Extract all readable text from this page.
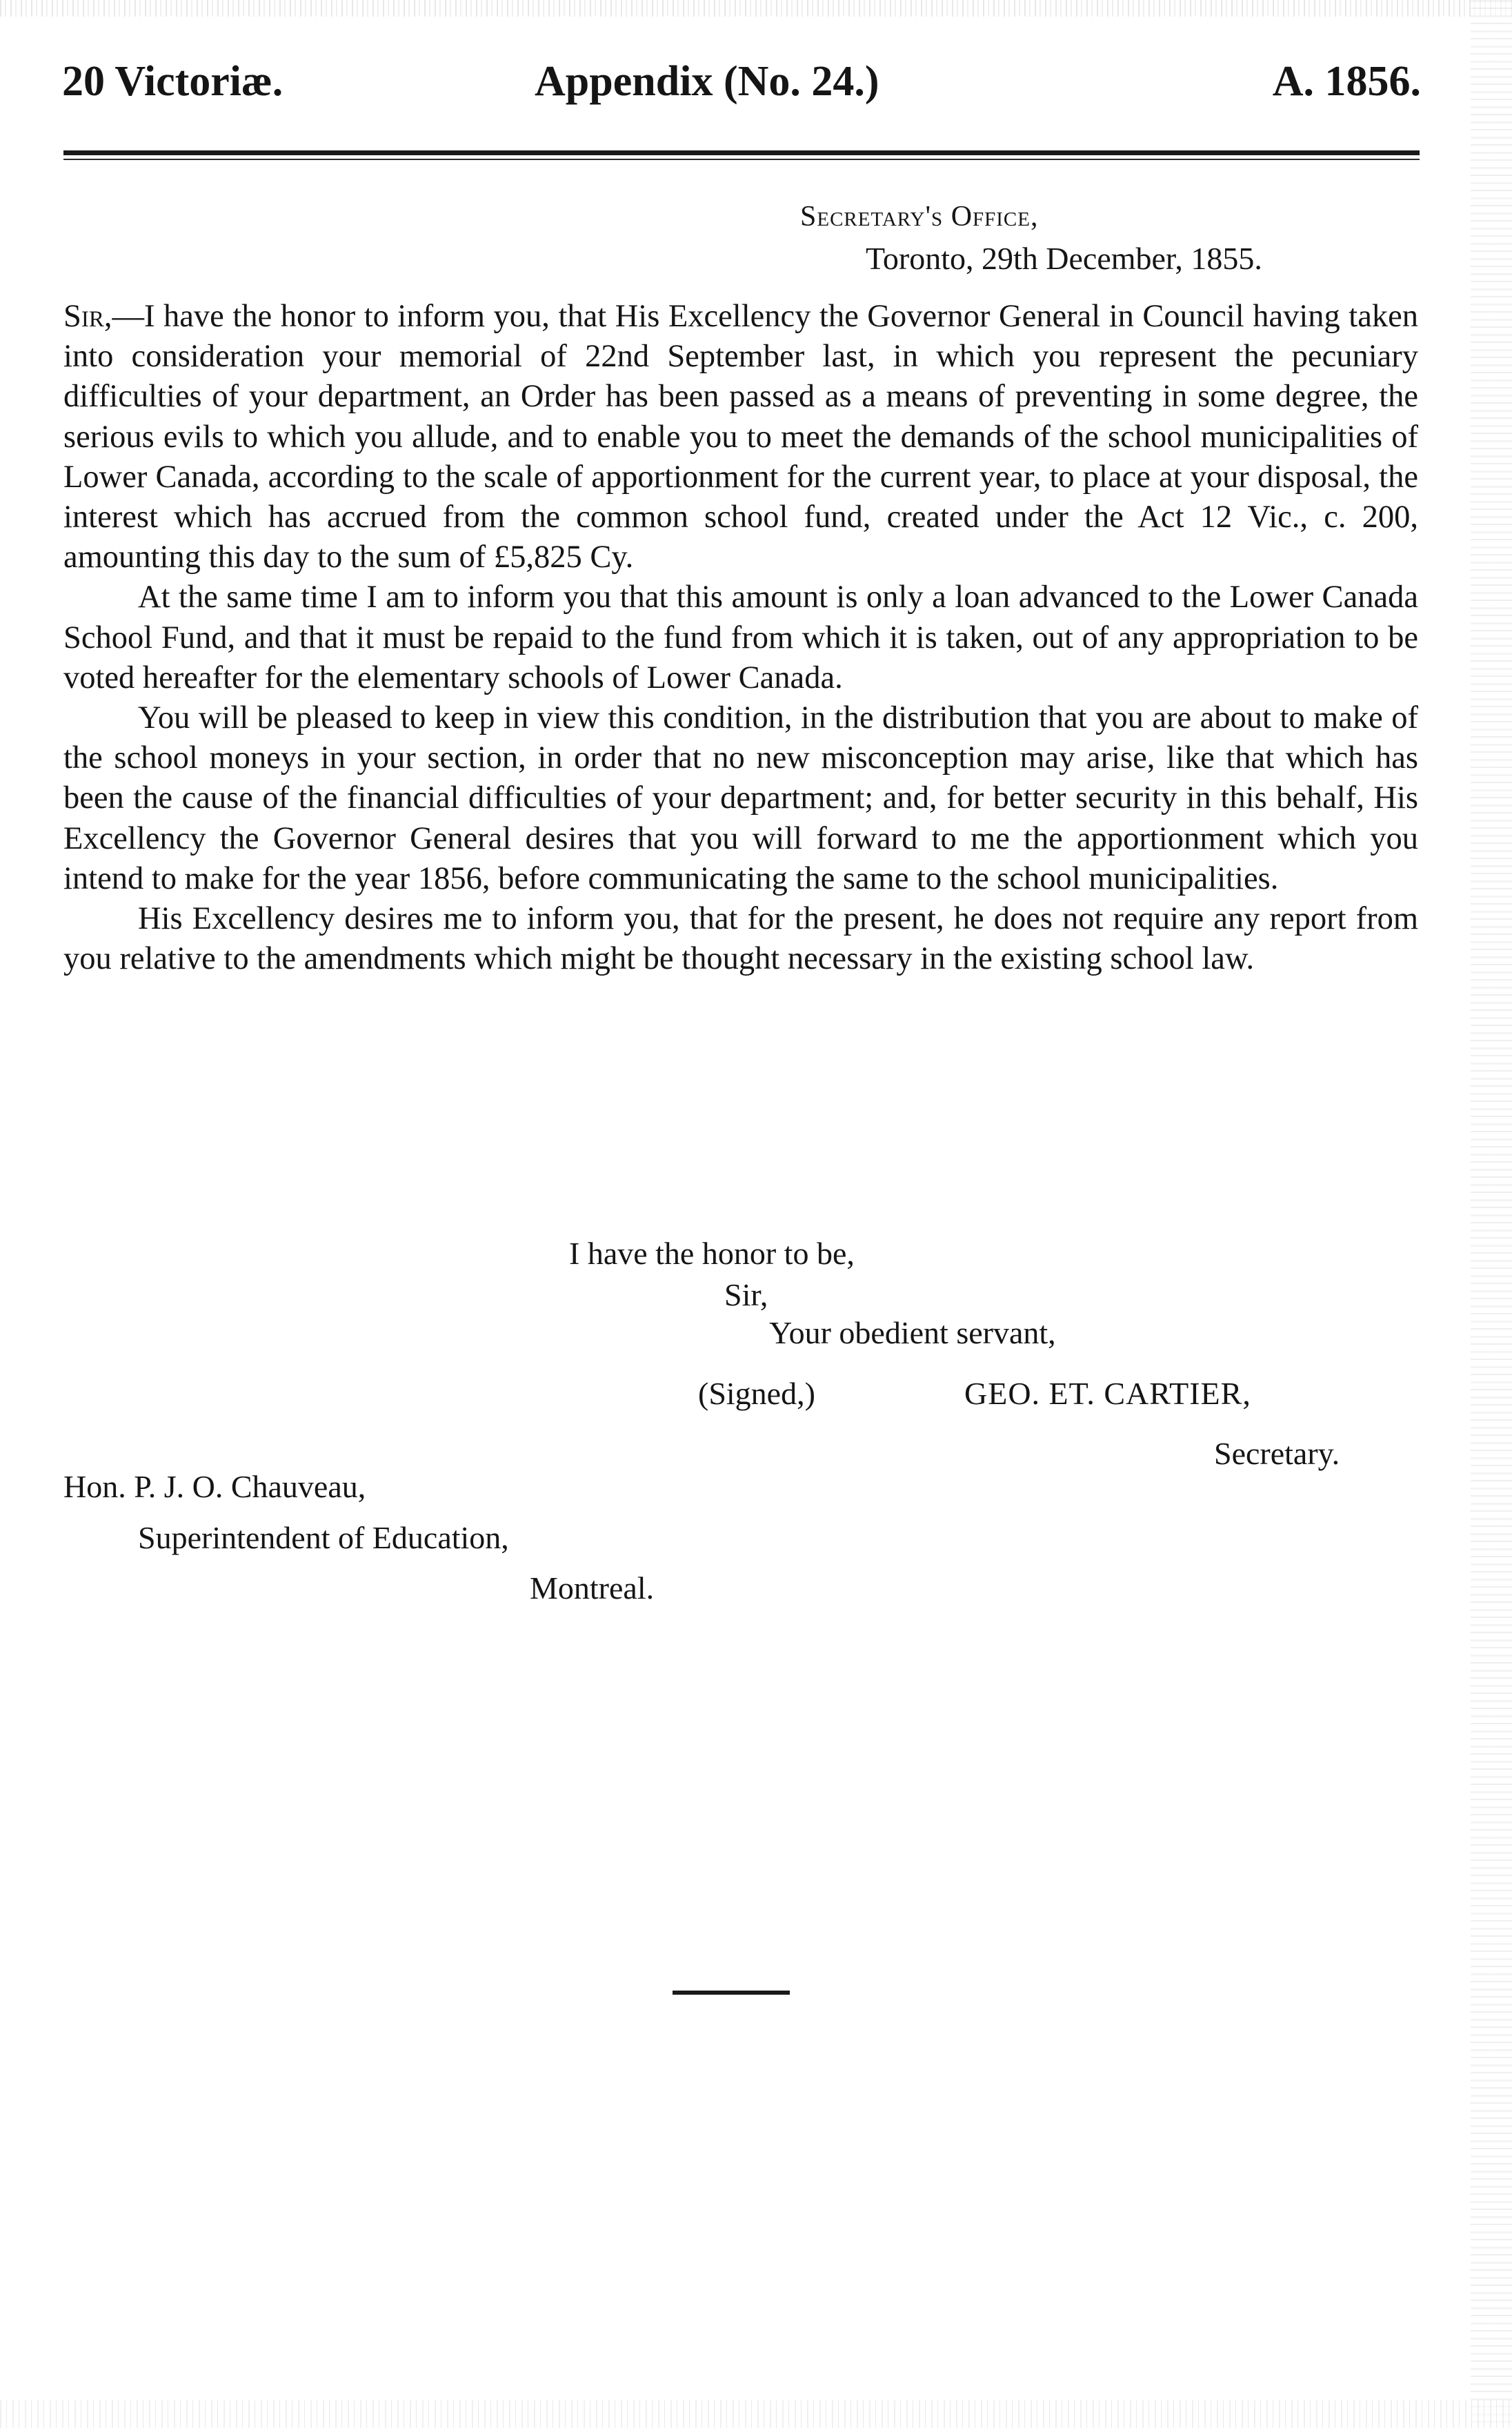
20 Victoriæ.	Appendix (No. 24.)	A. 1856.
Secretary's Office,
Toronto, 29th December, 1855.

Sir,—I have the honor to inform you, that His Excellency the Governor General in Council having taken into consideration your memorial of 22nd September last, in which you represent the pecuniary difficulties of your department, an Order has been passed as a means of preventing in some degree, the serious evils to which you allude, and to enable you to meet the demands of the school municipalities of Lower Canada, according to the scale of apportionment for the current year, to place at your disposal, the interest which has accrued from the common school fund, created under the Act 12 Vic., c. 200, amounting this day to the sum of £5,825 Cy.

At the same time I am to inform you that this amount is only a loan advanced to the Lower Canada School Fund, and that it must be repaid to the fund from which it is taken, out of any appropriation to be voted hereafter for the elementary schools of Lower Canada.

You will be pleased to keep in view this condition, in the distribution that you are about to make of the school moneys in your section, in order that no new misconception may arise, like that which has been the cause of the financial difficulties of your department; and, for better security in this behalf, His Excellency the Governor General desires that you will forward to me the apportionment which you intend to make for the year 1856, before communicating the same to the school municipalities.

His Excellency desires me to inform you, that for the present, he does not require any report from you relative to the amendments which might be thought necessary in the existing school law.

I have the honor to be,
Sir,
Your obedient servant,
(Signed,)	GEO. ET. CARTIER,
Secretary.
Hon. P. J. O. Chauveau,
Superintendent of Education,
Montreal.
